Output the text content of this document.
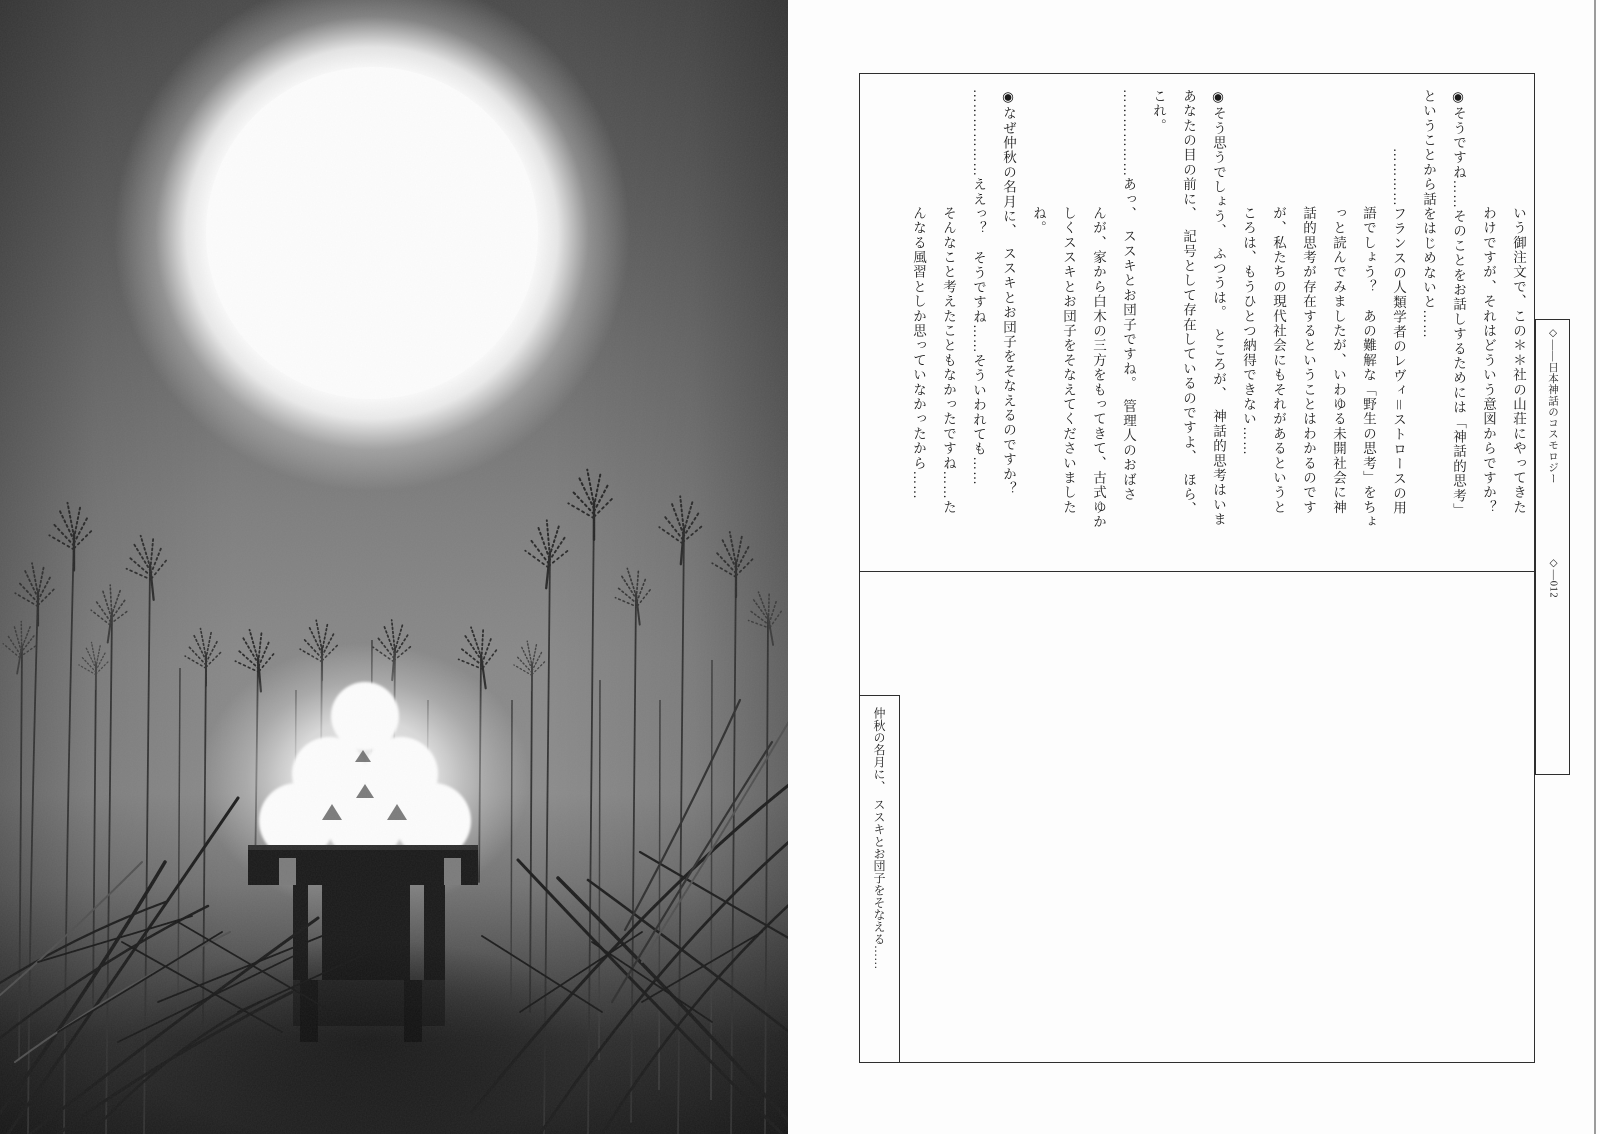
いう御注文で、この＊＊社の山荘にやってきた

わけですが、それはどういう意図からですか？

◉そうですね……そのことをお話しするためには「神話的思考」

ということから話をはじめないと……

…………フランスの人類学者のレヴィ＝ストロースの用

語でしょう？　あの難解な「野生の思考」をちょ

っと読んでみましたが、いわゆる未開社会に神

話的思考が存在するということはわかるのです

が、私たちの現代社会にもそれがあるというと

ころは、もうひとつ納得できない……

◉そう思うでしょう、　ふつうは。　ところが、　神話的思考はいま

あなたの目の前に、　記号として存在しているのですよ、　ほら、

これ。

………………あっ、　ススキとお団子ですね。　管理人のおばさ

んが、家から白木の三方をもってきて、古式ゆか

しくススキとお団子をそなえてくださいました

ね。

◉なぜ仲秋の名月に、　ススキとお団子をそなえるのですか？

………………ええっ？　そうですね……そういわれても……

そんなこと考えたこともなかったですね……た

んなる風習としか思っていなかったから……

仲秋の名月に、　ススキとお団子をそなえる……

◇——日本神話のコスモロジー

◇—012
